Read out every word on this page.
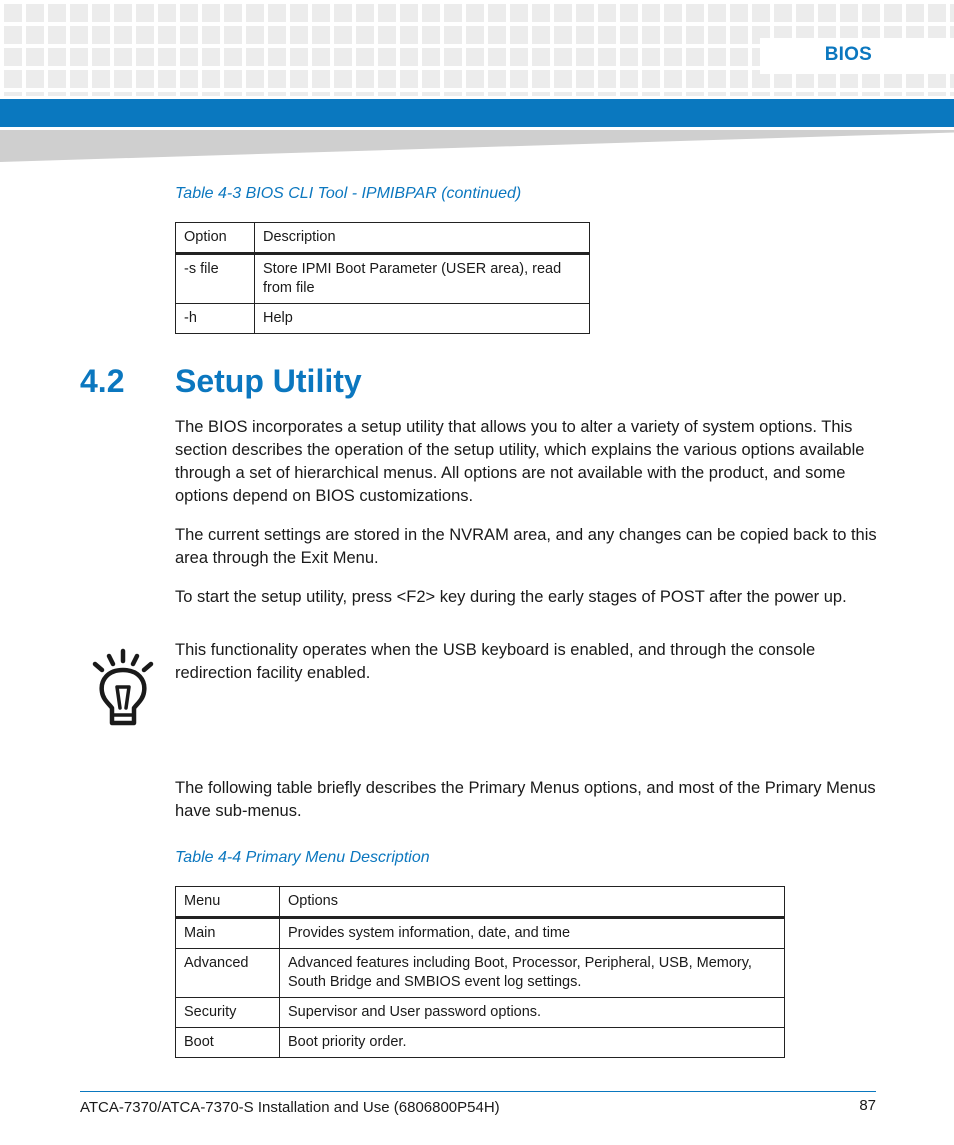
BIOS
Table 4-3 BIOS CLI Tool - IPMIBPAR (continued)
Option	Description
-s file	Store IPMI Boot Parameter (USER area), read from file
-h	Help
4.2 Setup Utility

The BIOS incorporates a setup utility that allows you to alter a variety of system options. This section describes the operation of the setup utility, which explains the various options available through a set of hierarchical menus. All options are not available with the product, and some options depend on BIOS customizations.

The current settings are stored in the NVRAM area, and any changes can be copied back to this area through the Exit Menu.

To start the setup utility, press <F2> key during the early stages of POST after the power up.

This functionality operates when the USB keyboard is enabled, and through the console redirection facility enabled.

The following table briefly describes the Primary Menus options, and most of the Primary Menus have sub-menus.

Table 4-4 Primary Menu Description
Menu	Options
Main	Provides system information, date, and time
Advanced	Advanced features including Boot, Processor, Peripheral, USB, Memory, South Bridge and SMBIOS event log settings.
Security	Supervisor and User password options.
Boot	Boot priority order.
ATCA-7370/ATCA-7370-S Installation and Use (6806800P54H)	87
